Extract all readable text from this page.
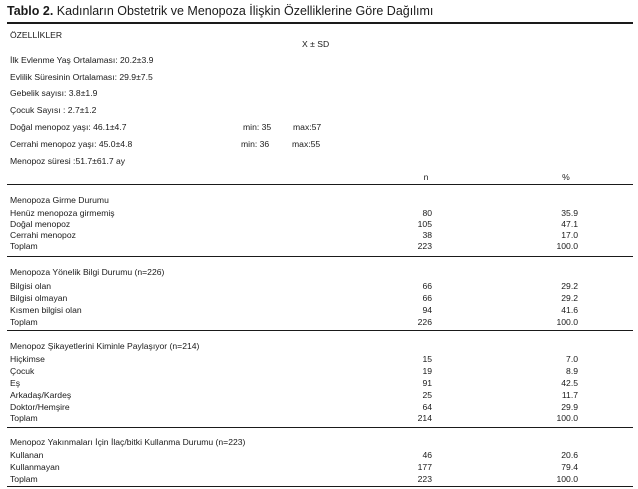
Tablo 2. Kadınların Obstetrik ve Menopoza İlişkin Özelliklerine Göre Dağılımı
ÖZELLİKLER
X ± SD
İlk Evlenme Yaş Ortalaması: 20.2±3.9
Evlilik Süresinin Ortalaması: 29.9±7.5
Gebelik sayısı: 3.8±1.9
Çocuk Sayısı : 2.7±1.2
Doğal menopoz yaşı: 46.1±4.7	min: 35	max:57
Cerrahi menopoz yaşı: 45.0±4.8	min: 36	max:55
Menopoz süresi :51.7±61.7 ay
n	%
Menopoza Girme Durumu
Henüz menopoza girmemiş	80	35.9
Doğal menopoz	105	47.1
Cerrahi menopoz	38	17.0
Toplam	223	100.0
Menopoza Yönelik Bilgi Durumu (n=226)
Bilgisi olan	66	29.2
Bilgisi olmayan	66	29.2
Kısmen bilgisi olan	94	41.6
Toplam	226	100.0
Menopoz Şikayetlerini Kiminle Paylaşıyor (n=214)
Hiçkimse	15	7.0
Çocuk	19	8.9
Eş	91	42.5
Arkadaş/Kardeş	25	11.7
Doktor/Hemşire	64	29.9
Toplam	214	100.0
Menopoz Yakınmaları İçin İlaç/bitki Kullanma Durumu (n=223)
Kullanan	46	20.6
Kullanmayan	177	79.4
Toplam	223	100.0
